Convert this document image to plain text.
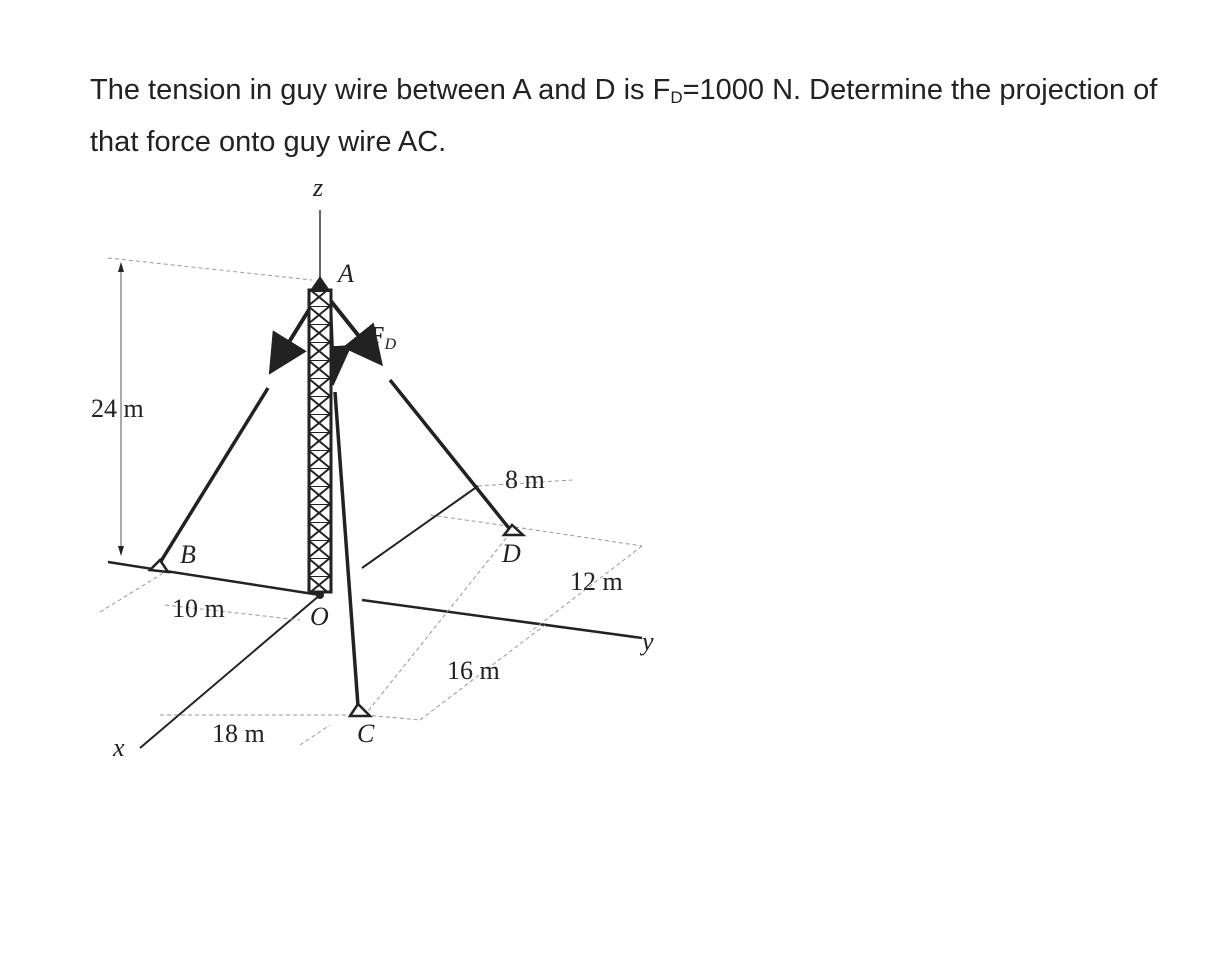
The tension in guy wire between A and D is $F_D=1000$ N. Determine the projection of that force onto guy wire AC.
z
y
x
A
B
C
D
O
$F_D$
24 m
8 m
12 m
10 m
16 m
18 m
